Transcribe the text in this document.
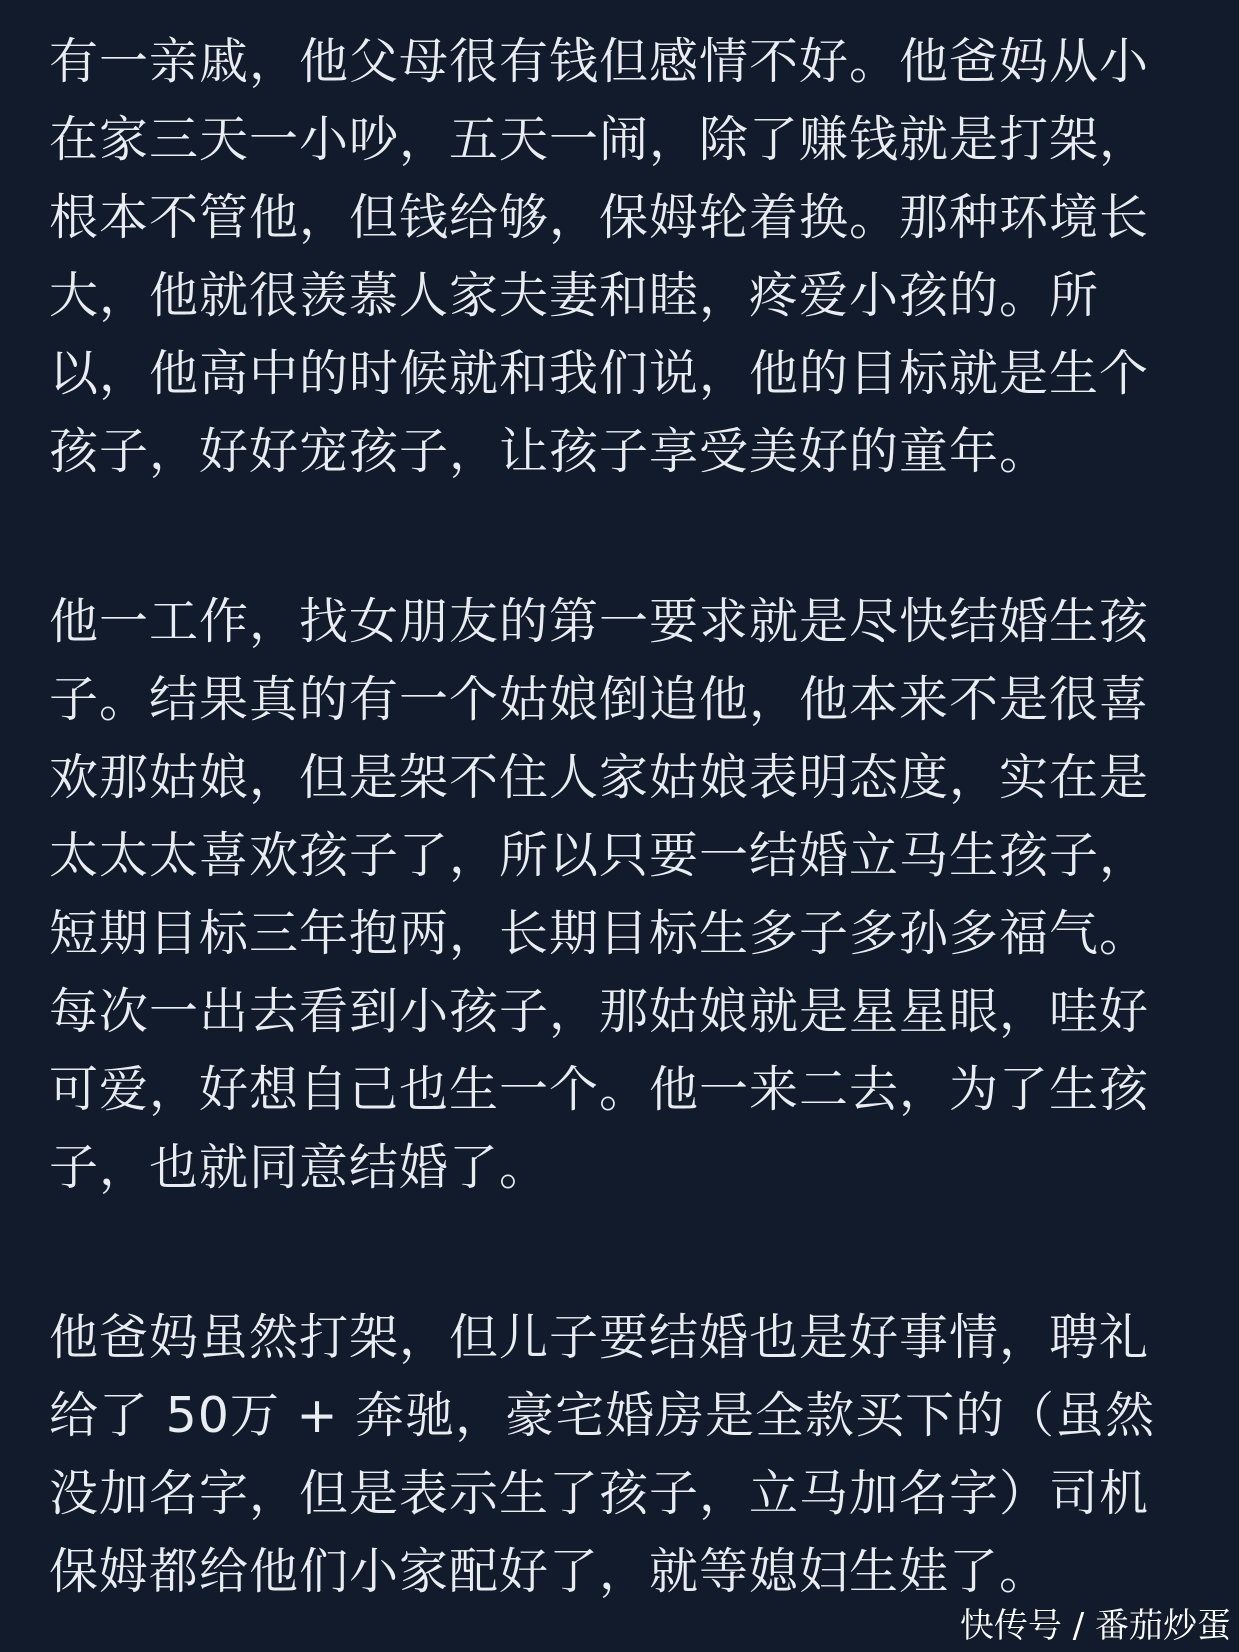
有一亲戚，他父母很有钱但感情不好。他爸妈从小
在家三天一小吵，五天一闹，除了赚钱就是打架，
根本不管他，但钱给够，保姆轮着换。那种环境长
大，他就很羡慕人家夫妻和睦，疼爱小孩的。所
以，他高中的时候就和我们说，他的目标就是生个
孩子，好好宠孩子，让孩子享受美好的童年。
他一工作，找女朋友的第一要求就是尽快结婚生孩
子。结果真的有一个姑娘倒追他，他本来不是很喜
欢那姑娘，但是架不住人家姑娘表明态度，实在是
太太太喜欢孩子了，所以只要一结婚立马生孩子，
短期目标三年抱两，长期目标生多子多孙多福气。
每次一出去看到小孩子，那姑娘就是星星眼，哇好
可爱，好想自己也生一个。他一来二去，为了生孩
子，也就同意结婚了。
他爸妈虽然打架，但儿子要结婚也是好事情，聘礼
给了 50万 + 奔驰，豪宅婚房是全款买下的（虽然
没加名字，但是表示生了孩子，立马加名字）司机
保姆都给他们小家配好了，就等媳妇生娃了。
快传号 / 番茄炒蛋
